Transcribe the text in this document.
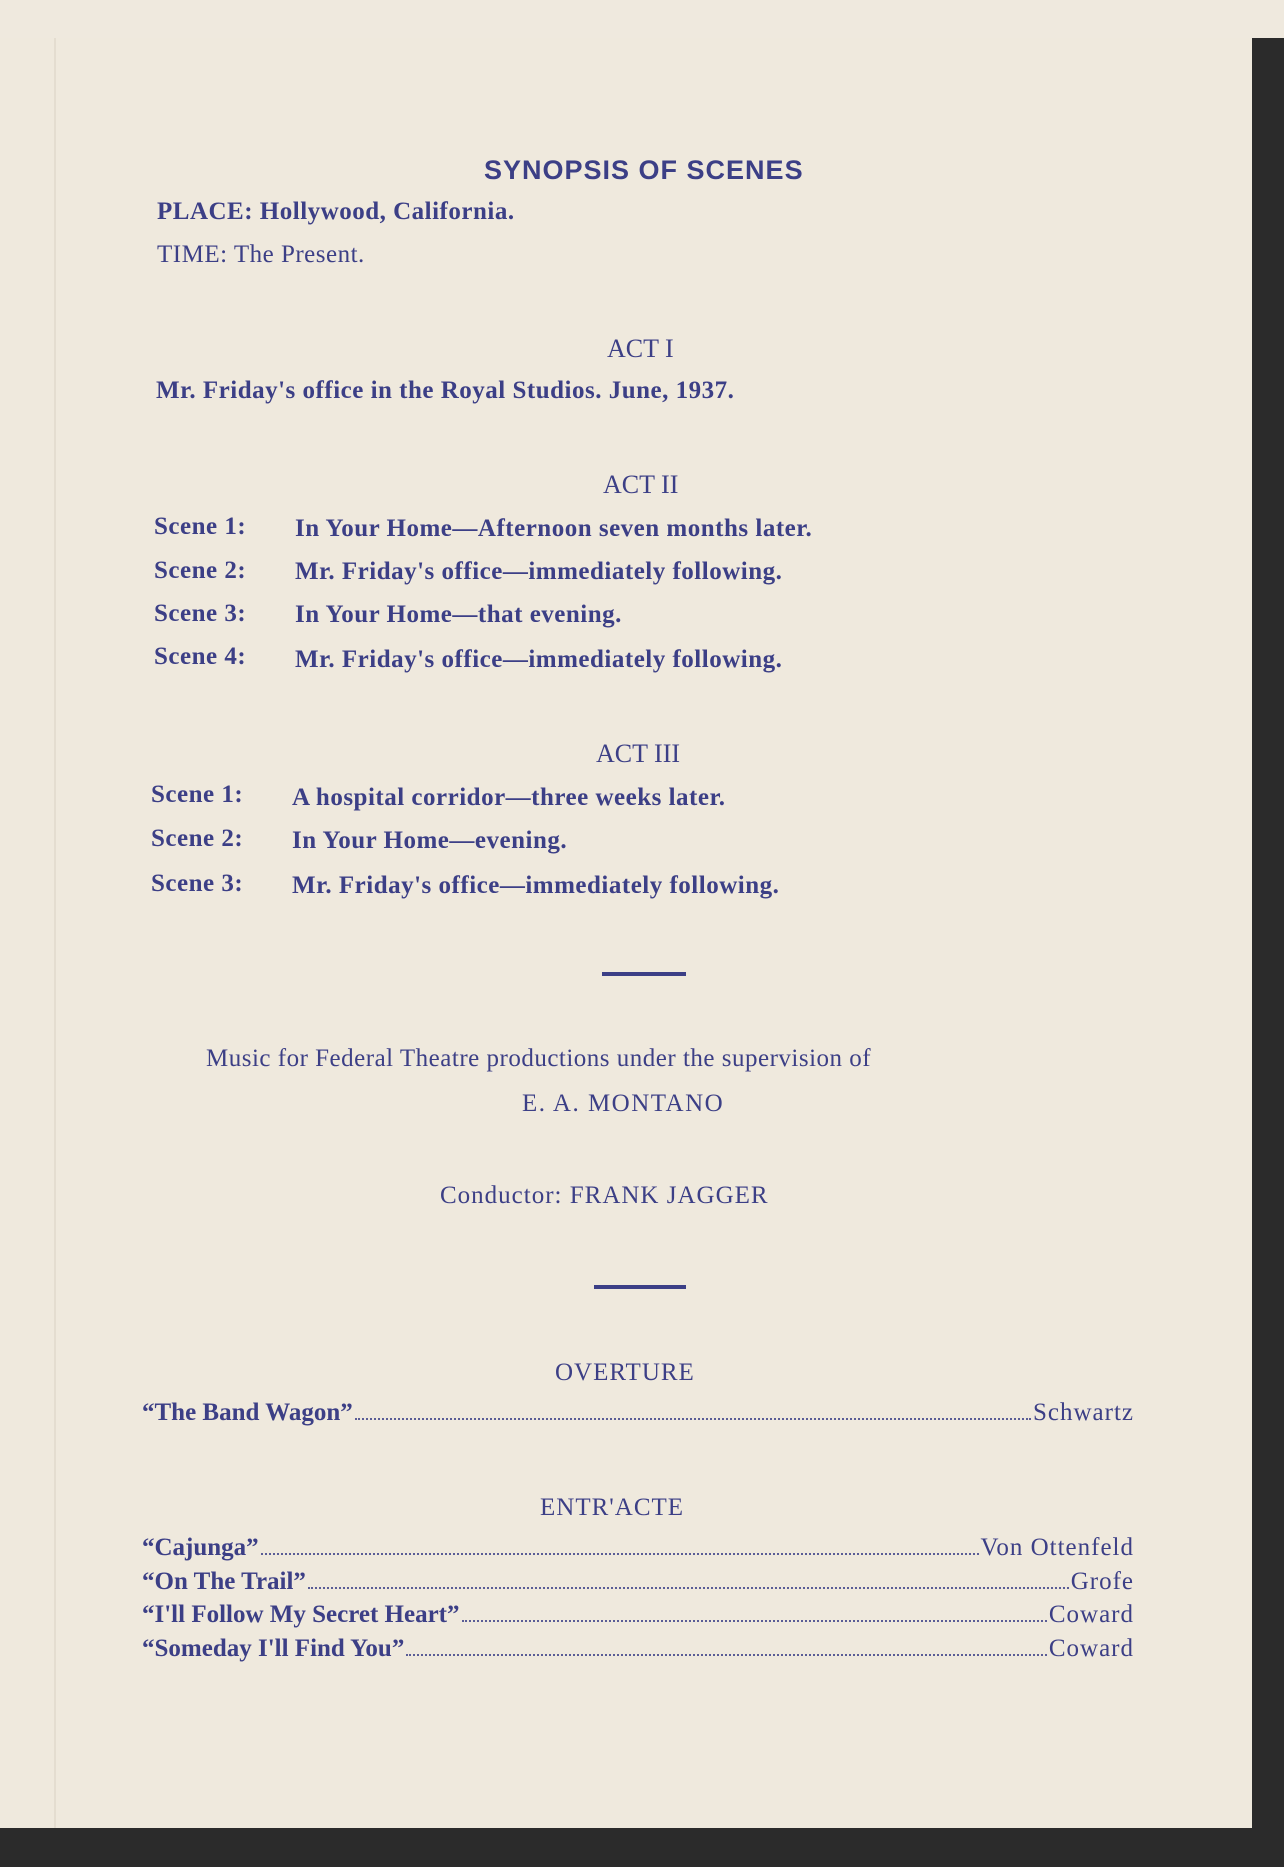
SYNOPSIS OF SCENES
PLACE: Hollywood, California.
TIME: The Present.
ACT I
Mr. Friday's office in the Royal Studios. June, 1937.
ACT II
Scene 1: In Your Home—Afternoon seven months later.
Scene 2: Mr. Friday's office—immediately following.
Scene 3: In Your Home—that evening.
Scene 4: Mr. Friday's office—immediately following.
ACT III
Scene 1: A hospital corridor—three weeks later.
Scene 2: In Your Home—evening.
Scene 3: Mr. Friday's office—immediately following.
Music for Federal Theatre productions under the supervision of
E. A. MONTANO
Conductor: FRANK JAGGER
OVERTURE
“The Band Wagon”	Schwartz
ENTR'ACTE
“Cajunga”	Von Ottenfeld
“On The Trail”	Grofe
“I'll Follow My Secret Heart”	Coward
“Someday I'll Find You”	Coward
